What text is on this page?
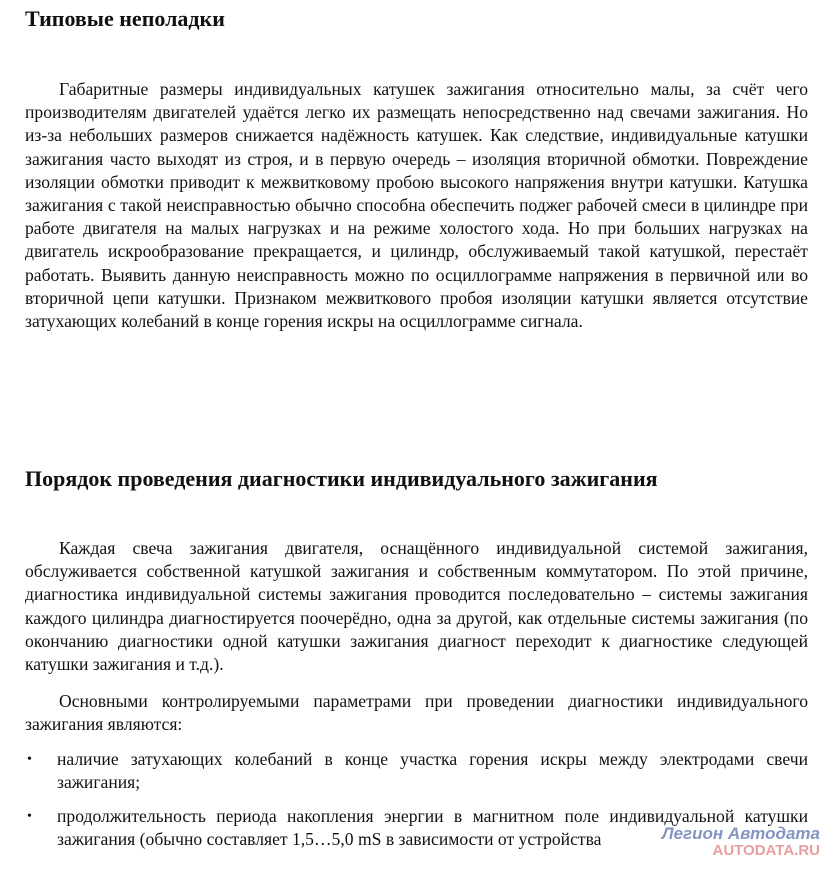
Типовые неполадки

Габаритные размеры индивидуальных катушек зажигания относительно малы, за счёт чего производителям двигателей удаётся легко их размещать непосредственно над свечами зажигания. Но из-за небольших размеров снижается надёжность катушек. Как следствие, индивидуальные катушки зажигания часто выходят из строя, и в первую очередь – изоляция вторичной обмотки. Повреждение изоляции обмотки приводит к межвитковому пробою высокого напряжения внутри катушки. Катушка зажигания с такой неисправностью обычно способна обеспечить поджег рабочей смеси в цилиндре при работе двигателя на малых нагрузках и на режиме холостого хода. Но при больших нагрузках на двигатель искрообразование прекращается, и цилиндр, обслуживаемый такой катушкой, перестаёт работать. Выявить данную неисправность можно по осциллограмме напряжения в первичной или во вторичной цепи катушки. Признаком межвиткового пробоя изоляции катушки является отсутствие затухающих колебаний в конце горения искры на осциллограмме сигнала.

Порядок проведения диагностики индивидуального зажигания

Каждая свеча зажигания двигателя, оснащённого индивидуальной системой зажигания, обслуживается собственной катушкой зажигания и собственным коммутатором. По этой причине, диагностика индивидуальной системы зажигания проводится последовательно – системы зажигания каждого цилиндра диагностируется поочерёдно, одна за другой, как отдельные системы зажигания (по окончанию диагностики одной катушки зажигания диагност переходит к диагностике следующей катушки зажигания и т.д.).

Основными контролируемыми параметрами при проведении диагностики индивидуального зажигания являются:

• наличие затухающих колебаний в конце участка горения искры между электродами свечи зажигания;
• продолжительность периода накопления энергии в магнитном поле индивидуальной катушки зажигания (обычно составляет 1,5…5,0 mS в зависимости от устройства	Легион Автодата
AUTODATA.RU
